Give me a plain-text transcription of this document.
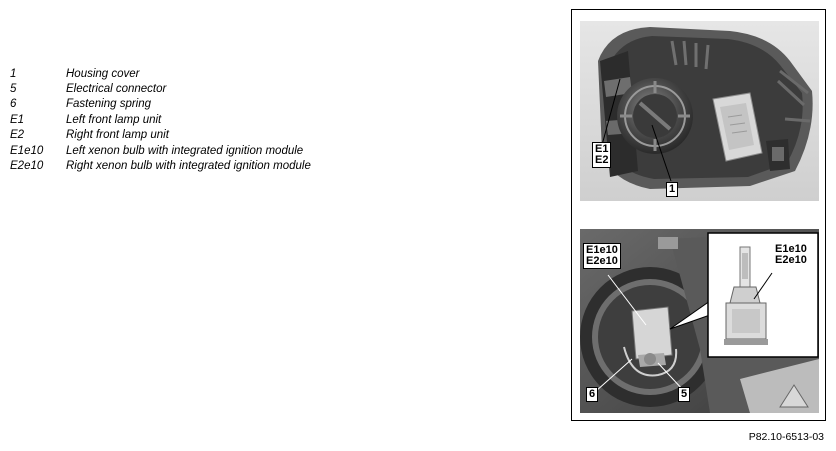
1	Housing cover
5	Electrical connector
6	Fastening spring
E1	Left front lamp unit
E2	Right front lamp unit
E1e10	Left xenon bulb with integrated ignition module
E2e10	Right xenon bulb with integrated ignition module
E1
E2
1
E1e10
E2e10
E1e10
E2e10
6	5
P82.10-6513-03
